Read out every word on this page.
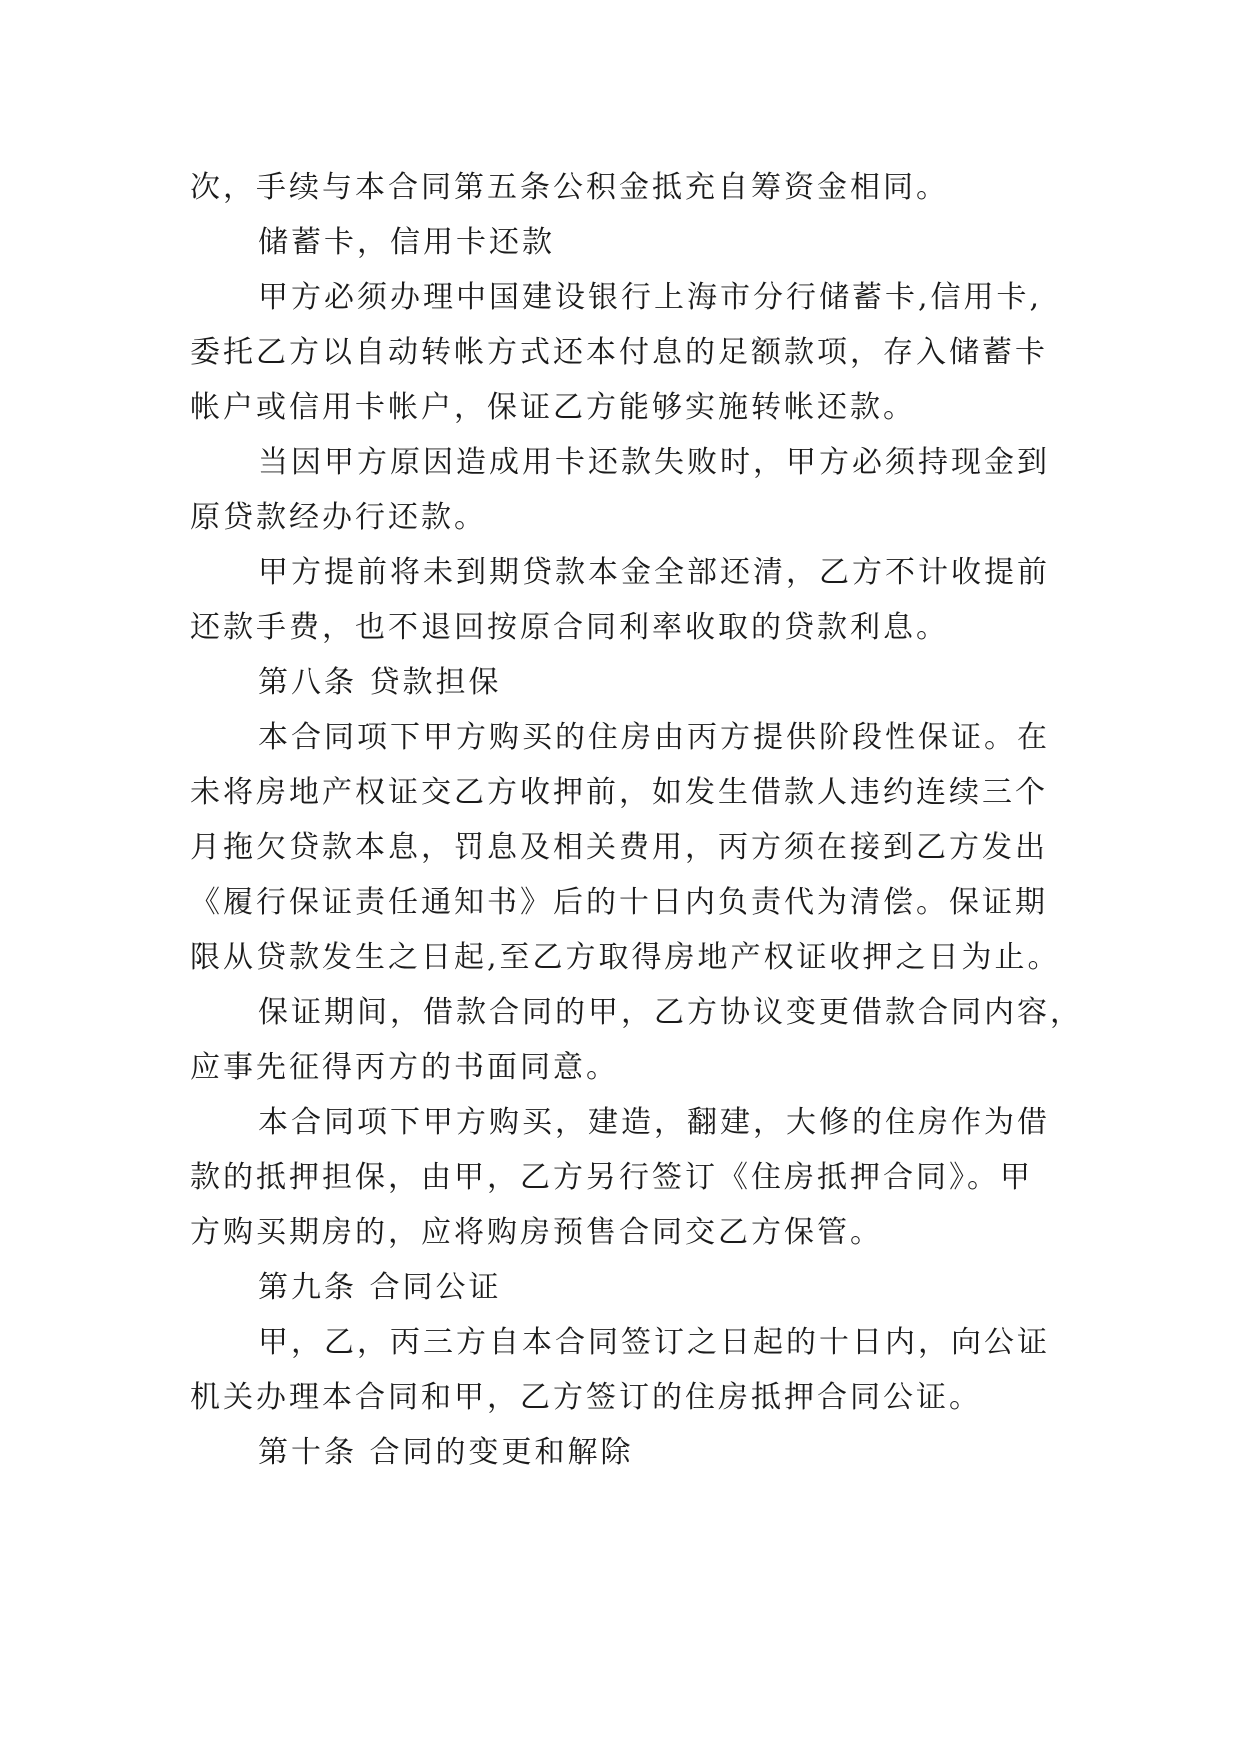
次，手续与本合同第五条公积金抵充自筹资金相同。
储蓄卡，信用卡还款
甲方必须办理中国建设银行上海市分行储蓄卡,信用卡,
委托乙方以自动转帐方式还本付息的足额款项，存入储蓄卡
帐户或信用卡帐户，保证乙方能够实施转帐还款。
当因甲方原因造成用卡还款失败时，甲方必须持现金到
原贷款经办行还款。
甲方提前将未到期贷款本金全部还清，乙方不计收提前
还款手费，也不退回按原合同利率收取的贷款利息。
第八条 贷款担保
本合同项下甲方购买的住房由丙方提供阶段性保证。在
未将房地产权证交乙方收押前，如发生借款人违约连续三个
月拖欠贷款本息，罚息及相关费用，丙方须在接到乙方发出
《履行保证责任通知书》后的十日内负责代为清偿。保证期
限从贷款发生之日起,至乙方取得房地产权证收押之日为止。
保证期间，借款合同的甲，乙方协议变更借款合同内容，
应事先征得丙方的书面同意。
本合同项下甲方购买，建造，翻建，大修的住房作为借
款的抵押担保，由甲，乙方另行签订《住房抵押合同》。甲
方购买期房的，应将购房预售合同交乙方保管。
第九条 合同公证
甲，乙，丙三方自本合同签订之日起的十日内，向公证
机关办理本合同和甲，乙方签订的住房抵押合同公证。
第十条 合同的变更和解除
